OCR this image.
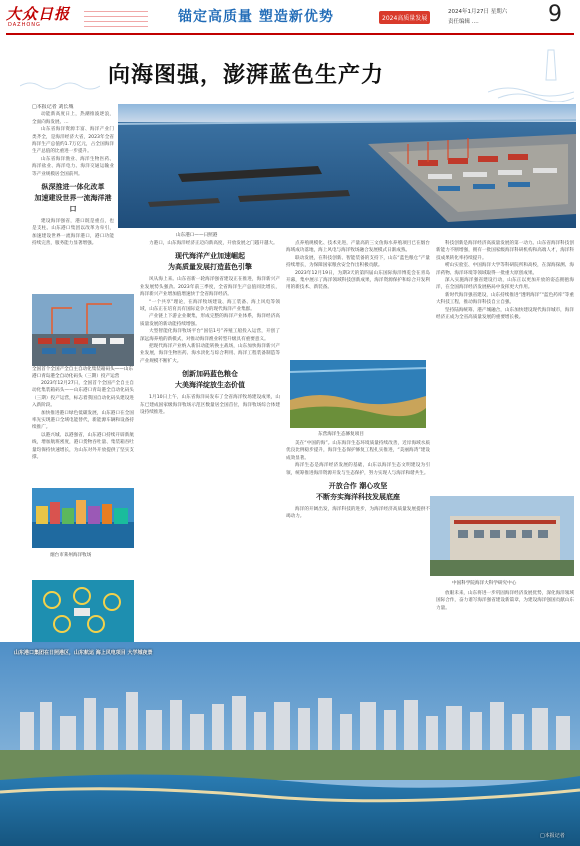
大众日报
DAZHONG	锚定高质量 塑造新优势	2024高质量发展
2024年1月27日 星期六
责任编辑 ....	9
向海图强，澎湃蓝色生产力

□本报记者 刘长城

动能新高度日上，热潮推波逐浪，全面向海发展、...

山东省海洋资源丰富、海洋产业门类齐全，是海洋经济大省，2023年全省海洋生产总值约1.7万亿元，占全国海洋生产总值的比重进一步提升。

山东省海洋渔业、海洋生物医药、海洋盐业、海洋电力、海洋交通运输业等产业规模居全国前列。

纵深推进一体化改革
加速建设世界一流海洋港口

建设海洋强省，港口既是重点，也是支柱。山东港口集团以改革为牵引，加速建设世界一流海洋港口，港口功能持续完善，服务能力显著增强。

2023年12月27日，全国首个全国产全自主自动化集装箱码头——山东港口青岛港全自动化码头（三期）投产运营，标志着我国自动化码头建设进入新阶段。

加快推进港口绿色低碳发展，山东港口在全国率先实现港口全域电能替代，新能源车辆和设备持续推广。

以港兴城、以港强省，山东港口持续开辟新航线，增加航班密度，港口货物吞吐量、集装箱吞吐量均保持快速增长，为山东对外开放提供了坚实支撑。

全国首个全国产全自主自动化集装箱码头——山东港口青岛港全自动化码头（三期）投产运营
烟台市莱州海洋牧场
山东港口——日照港

力港口，山东海洋经济正迈向新高度，开放发展之门越开越大。

现代海洋产业加速崛起
为高质量发展打造蓝色引擎

风从海上来。山东省新一轮海洋强省建设正在推进，海洋新兴产业发展势头强劲。2023年前三季度，全省海洋生产总值同比增长，海洋新兴产业增加值增速快于全省海洋经济。

“一个共享”理论，在海洋牧场建设、海工装备、海上风电等领域，山东正在培育具有国际竞争力的现代海洋产业集群。

产业链上下游企业聚集，形成完整的海洋产业体系，海洋经济高质量发展的新动能持续增强。

大型智能化海洋牧场平台“国信1号”养殖工船投入运营，开创了深远海养殖的新模式，对推动海洋渔业转型升级具有重要意义。

把现代海洋产业纳入新旧动能转换主战场，山东加快海洋新兴产业发展，海洋生物医药、海水淡化与综合利用、海洋工程装备制造等产业规模不断扩大。

创新加码蓝色粮仓
大美海洋绽放生态价值

1月10日上午，山东省海洋局发布了全省海洋牧场建设成果，山东已建成国家级海洋牧场示范区数量居全国首位，海洋牧场综合体建设持续推进。

点养殖规模化、技术先进，产量高的三文鱼海水养殖项目已在烟台海域成功落地，海上风电与海洋牧场融合发展模式日渐成熟。

联动发展，在科技创新、智能装备的支持下，山东“蓝色粮仓”产量持续增长，为保障国家粮食安全作出积极贡献。

2023年12月19日，为期3天的第四届山东国际海洋博览会在青岛开幕，集中展示了海洋领域科技创新成果，海洋资源保护和综合开发利用的新技术、新装备。

东营海洋生态修复项目

美在“中国的海”。山东海洋生态环境质量持续改善，近岸海域水质优良比例稳步提升，海洋生态保护修复工程扎实推进，“美丽海湾”建设成效显著。

海洋生态是海洋经济发展的基础，山东以海洋生态文明建设为引领，统筹推进海洋资源开发与生态保护，努力实现人与海洋和谐共生。

开放合作 潮心攻坚
不断夯实海洋科技发展底座

海洋的开阔出发，海洋科技的进步，为海洋经济高质量发展提供不竭动力。

科技创新是海洋经济高质量发展的第一动力。山东省海洋科技创新能力不断增强，拥有一批国家级海洋科研机构和高端人才，海洋科技成果转化率持续提升。

崂山实验室、中国海洋大学等科研院所和高校，在深海探测、海洋药物、海洋环境等领域取得一批重大原创成果。

深入实施海洋强省建设行动，山东正以更加开放的姿态拥抱海洋，在全国海洋经济发展格局中发挥更大作用。

新时代海洋强省建设，山东持续推进“透明海洋”“蓝色药库”等重大科技工程，推动海洋科技自立自强。

坚持陆海统筹、港产城融合，山东加快建设现代海洋城市，海洋经济正成为全省高质量发展的重要增长极。

中国科学院海洋大科学研究中心

放眼未来，山东将进一步巩固海洋经济发展优势，深化海洋领域国际合作，奋力谱写海洋强省建设新篇章，为建设海洋强国贡献山东力量。

山东港口集团在日照港区，山东航运 海上风电项目 大学城夜景
□本报记者
